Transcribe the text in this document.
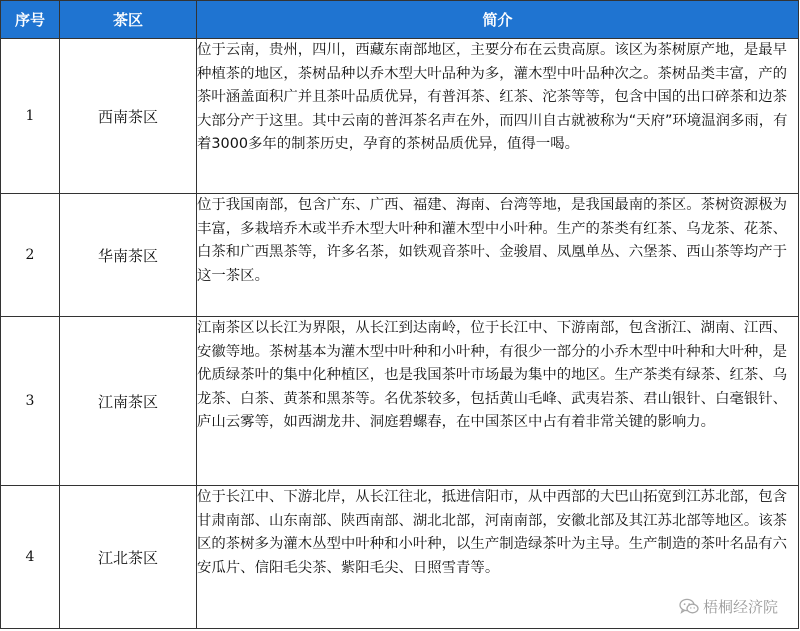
序号	茶区	简介
1	西南茶区	位于云南，贵州，四川，西藏东南部地区，主要分布在云贵高原。该区为茶树原产地，是最早种植茶的地区，茶树品种以乔木型大叶品种为多，灌木型中叶品种次之。茶树品类丰富，产的茶叶涵盖面积广并且茶叶品质优异，有普洱茶、红茶、沱茶等等，包含中国的出口碎茶和边茶大部分产于这里。其中云南的普洱茶名声在外，而四川自古就被称为“天府”环境温润多雨，有着3000多年的制茶历史，孕育的茶树品质优异，值得一喝。
2	华南茶区	位于我国南部，包含广东、广西、福建、海南、台湾等地，是我国最南的茶区。茶树资源极为丰富，多栽培乔木或半乔木型大叶种和灌木型中小叶种。生产的茶类有红茶、乌龙茶、花茶、白茶和广西黑茶等，许多名茶，如铁观音茶叶、金骏眉、凤凰单丛、六堡茶、西山茶等均产于这一茶区。
3	江南茶区	江南茶区以长江为界限，从长江到达南岭，位于长江中、下游南部，包含浙江、湖南、江西、安徽等地。茶树基本为灌木型中叶种和小叶种，有很少一部分的小乔木型中叶种和大叶种，是优质绿茶叶的集中化种植区，也是我国茶叶市场最为集中的地区。生产茶类有绿茶、红茶、乌龙茶、白茶、黄茶和黑茶等。名优茶较多，包括黄山毛峰、武夷岩茶、君山银针、白毫银针、庐山云雾等，如西湖龙井、洞庭碧螺春，在中国茶区中占有着非常关键的影响力。
4	江北茶区	位于长江中、下游北岸，从长江往北，抵进信阳市，从中西部的大巴山拓宽到江苏北部，包含甘肃南部、山东南部、陕西南部、湖北北部，河南南部，安徽北部及其江苏北部等地区。该茶区的茶树多为灌木丛型中叶种和小叶种，以生产制造绿茶叶为主导。生产制造的茶叶名品有六安瓜片、信阳毛尖茶、紫阳毛尖、日照雪青等。
梧桐经济院
